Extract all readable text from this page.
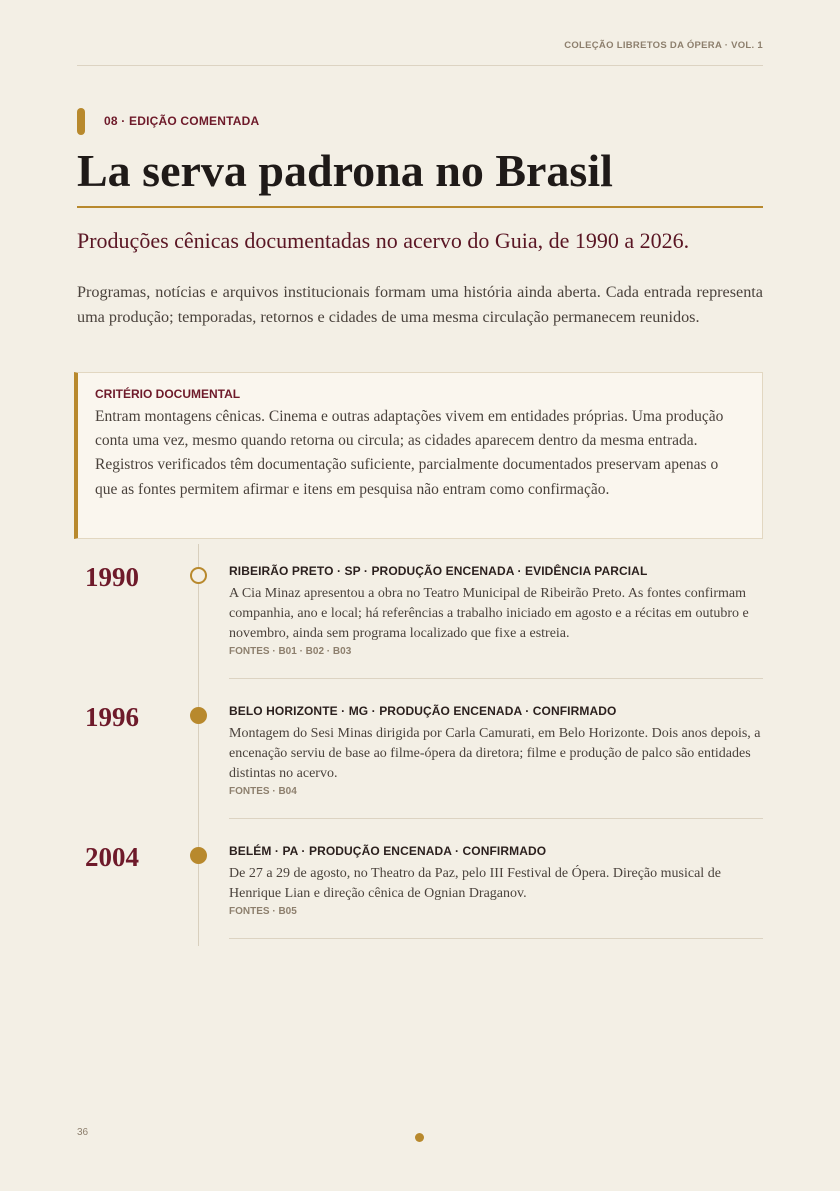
COLEÇÃO LIBRETOS DA ÓPERA · VOL. 1
08 · EDIÇÃO COMENTADA
La serva padrona no Brasil
Produções cênicas documentadas no acervo do Guia, de 1990 a 2026.

Programas, notícias e arquivos institucionais formam uma história ainda aberta. Cada entrada representa uma produção; temporadas, retornos e cidades de uma mesma circulação permanecem reunidos.

CRITÉRIO DOCUMENTAL
Entram montagens cênicas. Cinema e outras adaptações vivem em entidades próprias. Uma produção conta uma vez, mesmo quando retorna ou circula; as cidades aparecem dentro da mesma entrada. Registros verificados têm documentação suficiente, parcialmente documentados preservam apenas o que as fontes permitem afirmar e itens em pesquisa não entram como confirmação.
1990	RIBEIRÃO PRETO · SP · PRODUÇÃO ENCENADA · EVIDÊNCIA PARCIAL
A Cia Minaz apresentou a obra no Teatro Municipal de Ribeirão Preto. As fontes confirmam companhia, ano e local; há referências a trabalho iniciado em agosto e a récitas em outubro e novembro, ainda sem programa localizado que fixe a estreia.
FONTES · B01 · B02 · B03
1996	BELO HORIZONTE · MG · PRODUÇÃO ENCENADA · CONFIRMADO
Montagem do Sesi Minas dirigida por Carla Camurati, em Belo Horizonte. Dois anos depois, a encenação serviu de base ao filme-ópera da diretora; filme e produção de palco são entidades distintas no acervo.
FONTES · B04
2004	BELÉM · PA · PRODUÇÃO ENCENADA · CONFIRMADO
De 27 a 29 de agosto, no Theatro da Paz, pelo III Festival de Ópera. Direção musical de Henrique Lian e direção cênica de Ognian Draganov.
FONTES · B05
36
